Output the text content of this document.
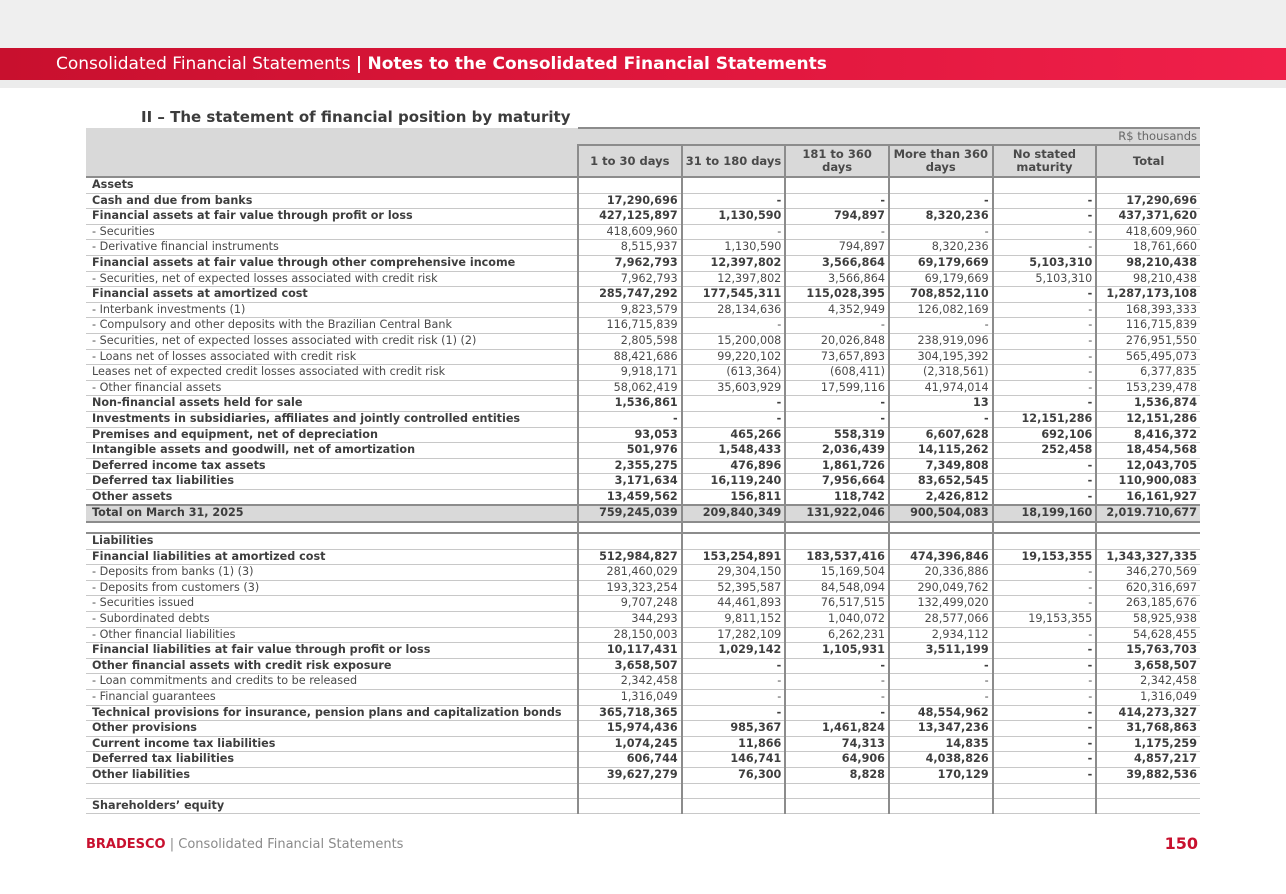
Consolidated Financial Statements | Notes to the Consolidated Financial Statements
II – The statement of financial position by maturity
	R$ thousands					
	1 to 30 days	31 to 180 days	181 to 360 days	More than 360 days	No stated maturity	Total
Assets						
Cash and due from banks	17,290,696	-	-	-	-	17,290,696
Financial assets at fair value through profit or loss	427,125,897	1,130,590	794,897	8,320,236	-	437,371,620
- Securities	418,609,960	-	-	-	-	418,609,960
- Derivative financial instruments	8,515,937	1,130,590	794,897	8,320,236	-	18,761,660
Financial assets at fair value through other comprehensive income	7,962,793	12,397,802	3,566,864	69,179,669	5,103,310	98,210,438
- Securities, net of expected losses associated with credit risk	7,962,793	12,397,802	3,566,864	69,179,669	5,103,310	98,210,438
Financial assets at amortized cost	285,747,292	177,545,311	115,028,395	708,852,110	-	1,287,173,108
- Interbank investments (1)	9,823,579	28,134,636	4,352,949	126,082,169	-	168,393,333
- Compulsory and other deposits with the Brazilian Central Bank	116,715,839	-	-	-	-	116,715,839
- Securities, net of expected losses associated with credit risk (1) (2)	2,805,598	15,200,008	20,026,848	238,919,096	-	276,951,550
- Loans net of losses associated with credit risk	88,421,686	99,220,102	73,657,893	304,195,392	-	565,495,073
Leases net of expected credit losses associated with credit risk	9,918,171	(613,364)	(608,411)	(2,318,561)	-	6,377,835
- Other financial assets	58,062,419	35,603,929	17,599,116	41,974,014	-	153,239,478
Non-financial assets held for sale	1,536,861	-	-	13	-	1,536,874
Investments in subsidiaries, affiliates and jointly controlled entities	-	-	-	-	12,151,286	12,151,286
Premises and equipment, net of depreciation	93,053	465,266	558,319	6,607,628	692,106	8,416,372
Intangible assets and goodwill, net of amortization	501,976	1,548,433	2,036,439	14,115,262	252,458	18,454,568
Deferred income tax assets	2,355,275	476,896	1,861,726	7,349,808	-	12,043,705
Deferred tax liabilities	3,171,634	16,119,240	7,956,664	83,652,545	-	110,900,083
Other assets	13,459,562	156,811	118,742	2,426,812	-	16,161,927
Total on March 31, 2025	759,245,039	209,840,349	131,922,046	900,504,083	18,199,160	2,019.710,677

Liabilities						
Financial liabilities at amortized cost	512,984,827	153,254,891	183,537,416	474,396,846	19,153,355	1,343,327,335
- Deposits from banks (1) (3)	281,460,029	29,304,150	15,169,504	20,336,886	-	346,270,569
- Deposits from customers (3)	193,323,254	52,395,587	84,548,094	290,049,762	-	620,316,697
- Securities issued	9,707,248	44,461,893	76,517,515	132,499,020	-	263,185,676
- Subordinated debts	344,293	9,811,152	1,040,072	28,577,066	19,153,355	58,925,938
- Other financial liabilities	28,150,003	17,282,109	6,262,231	2,934,112	-	54,628,455
Financial liabilities at fair value through profit or loss	10,117,431	1,029,142	1,105,931	3,511,199	-	15,763,703
Other financial assets with credit risk exposure	3,658,507	-	-	-	-	3,658,507
- Loan commitments and credits to be released	2,342,458	-	-	-	-	2,342,458
- Financial guarantees	1,316,049	-	-	-	-	1,316,049
Technical provisions for insurance, pension plans and capitalization bonds	365,718,365	-	-	48,554,962	-	414,273,327
Other provisions	15,974,436	985,367	1,461,824	13,347,236	-	31,768,863
Current income tax liabilities	1,074,245	11,866	74,313	14,835	-	1,175,259
Deferred tax liabilities	606,744	146,741	64,906	4,038,826	-	4,857,217
Other liabilities	39,627,279	76,300	8,828	170,129	-	39,882,536

Shareholders’ equity						
BRADESCO | Consolidated Financial Statements	150
